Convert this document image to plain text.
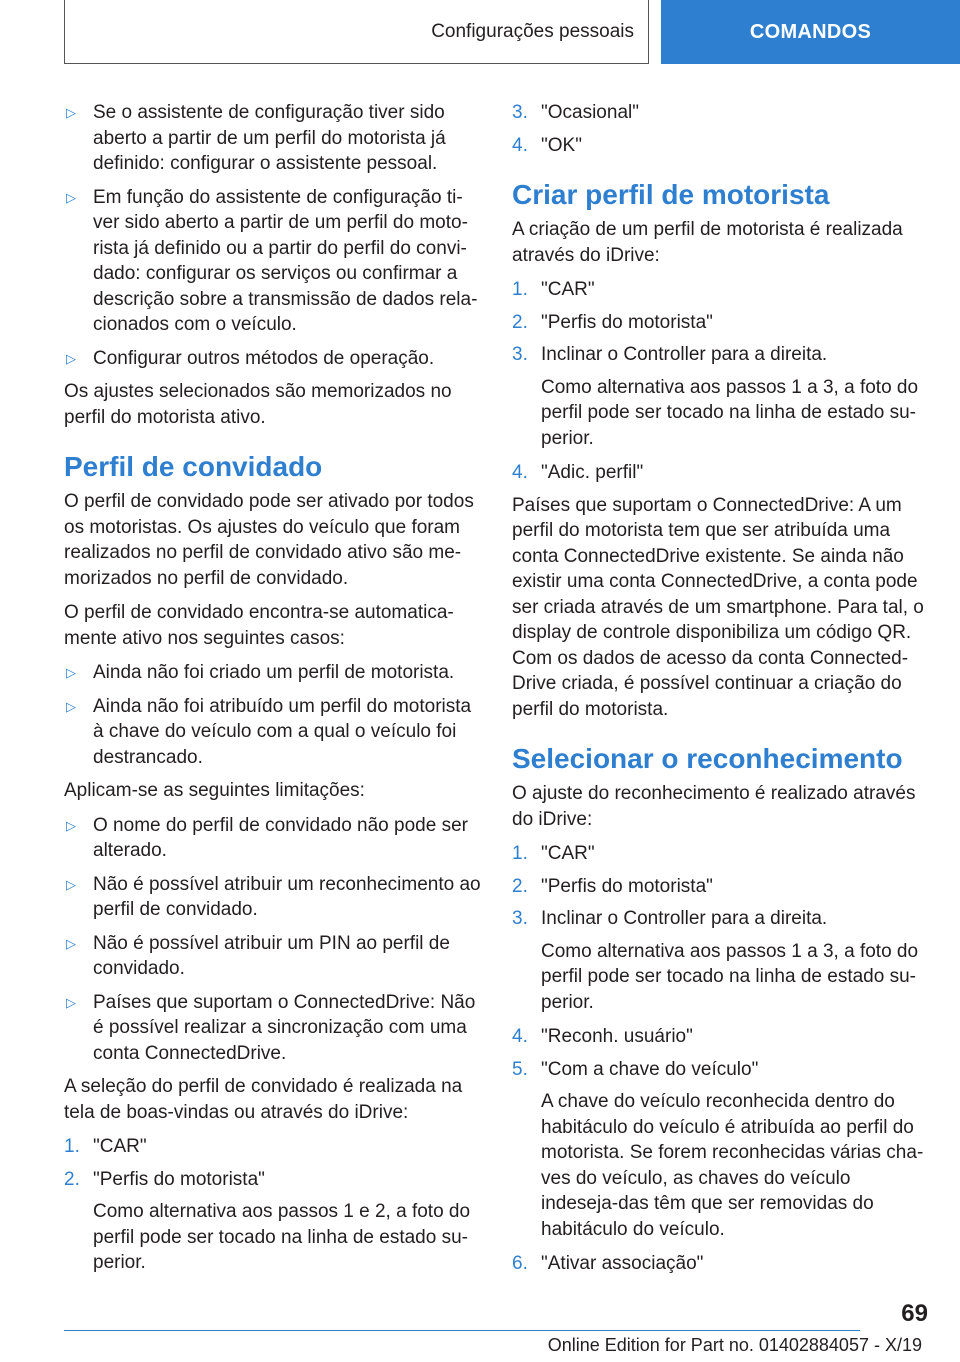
Configurações pessoais	COMANDOS
▷ Se o assistente de configuração tiver sido aberto a partir de um perfil do motorista já definido: configurar o assistente pessoal.
▷ Em função do assistente de configuração ti-ver sido aberto a partir de um perfil do moto-rista já definido ou a partir do perfil do convi-dado: configurar os serviços ou confirmar a descrição sobre a transmissão de dados rela-cionados com o veículo.
▷ Configurar outros métodos de operação.

Os ajustes selecionados são memorizados no perfil do motorista ativo.

Perfil de convidado

O perfil de convidado pode ser ativado por todos os motoristas. Os ajustes do veículo que foram realizados no perfil de convidado ativo são me-morizados no perfil de convidado.

O perfil de convidado encontra-se automatica-mente ativo nos seguintes casos:

▷ Ainda não foi criado um perfil de motorista.
▷ Ainda não foi atribuído um perfil do motorista à chave do veículo com a qual o veículo foi destrancado.

Aplicam-se as seguintes limitações:

▷ O nome do perfil de convidado não pode ser alterado.
▷ Não é possível atribuir um reconhecimento ao perfil de convidado.
▷ Não é possível atribuir um PIN ao perfil de convidado.
▷ Países que suportam o ConnectedDrive: Não é possível realizar a sincronização com uma conta ConnectedDrive.

A seleção do perfil de convidado é realizada na tela de boas-vindas ou através do iDrive:

1. "CAR"
2. "Perfis do motorista"
Como alternativa aos passos 1 e 2, a foto do perfil pode ser tocado na linha de estado su-perior.
3. "Ocasional"
4. "OK"
Criar perfil de motorista

A criação de um perfil de motorista é realizada através do iDrive:

1. "CAR"
2. "Perfis do motorista"
3. Inclinar o Controller para a direita.
Como alternativa aos passos 1 a 3, a foto do perfil pode ser tocado na linha de estado su-perior.
4. "Adic. perfil"

Países que suportam o ConnectedDrive: A um perfil do motorista tem que ser atribuída uma conta ConnectedDrive existente. Se ainda não existir uma conta ConnectedDrive, a conta pode ser criada através de um smartphone. Para tal, o display de controle disponibiliza um código QR. Com os dados de acesso da conta Connected-Drive criada, é possível continuar a criação do perfil do motorista.

Selecionar o reconhecimento

O ajuste do reconhecimento é realizado através do iDrive:

1. "CAR"
2. "Perfis do motorista"
3. Inclinar o Controller para a direita.
Como alternativa aos passos 1 a 3, a foto do perfil pode ser tocado na linha de estado su-perior.
4. "Reconh. usuário"
5. "Com a chave do veículo"
A chave do veículo reconhecida dentro do habitáculo do veículo é atribuída ao perfil do motorista. Se forem reconhecidas várias cha-ves do veículo, as chaves do veículo indeseja-das têm que ser removidas do habitáculo do veículo.
6. "Ativar associação"
69
Online Edition for Part no. 01402884057 - X/19
